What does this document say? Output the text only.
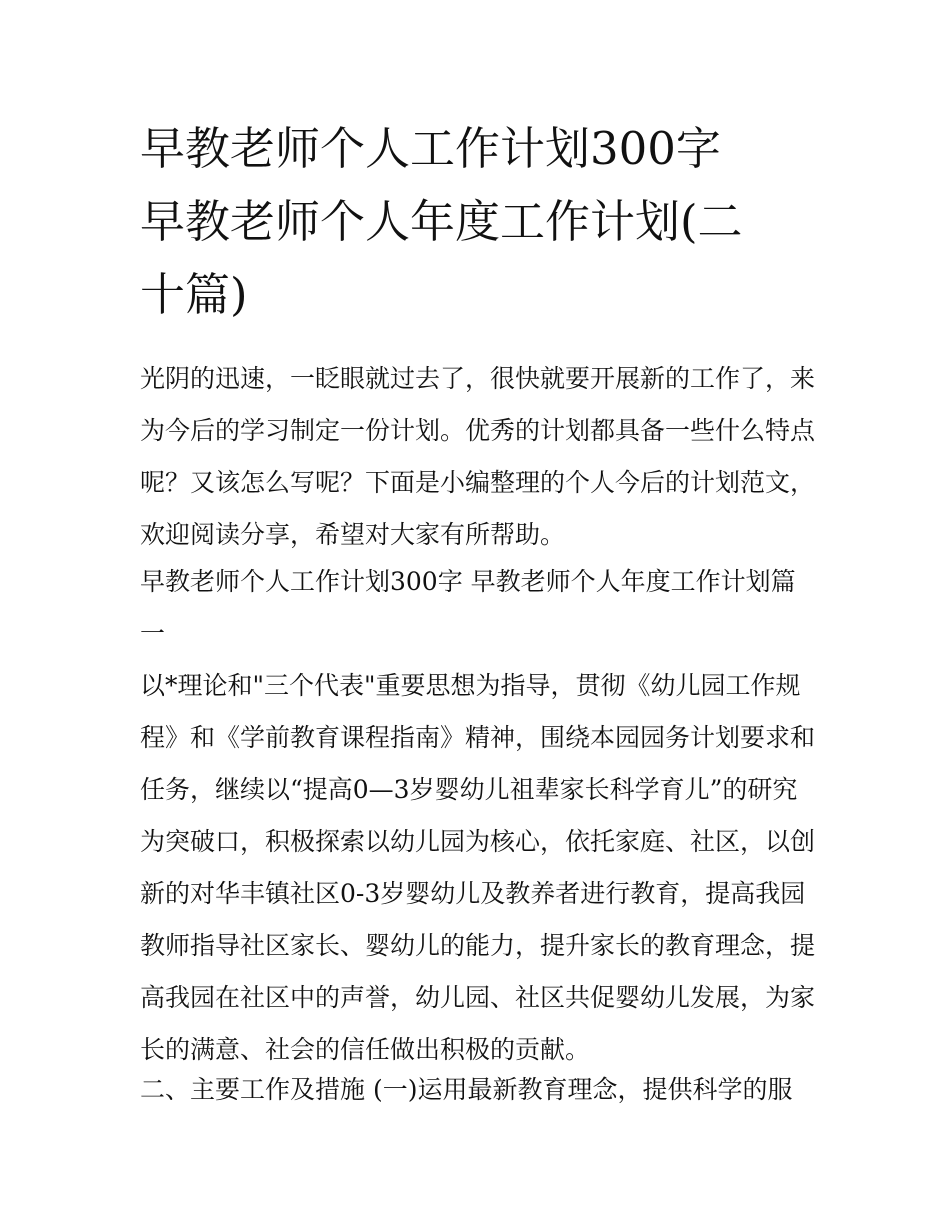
早教老师个人工作计划300字
早教老师个人年度工作计划(二
十篇)
光阴的迅速，一眨眼就过去了，很快就要开展新的工作了，来
为今后的学习制定一份计划。优秀的计划都具备一些什么特点
呢？又该怎么写呢？下面是小编整理的个人今后的计划范文，
欢迎阅读分享，希望对大家有所帮助。
早教老师个人工作计划300字 早教老师个人年度工作计划篇
一
以*理论和"三个代表"重要思想为指导，贯彻《幼儿园工作规
程》和《学前教育课程指南》精神，围绕本园园务计划要求和
任务，继续以“提高0—3岁婴幼儿祖辈家长科学育儿”的研究
为突破口，积极探索以幼儿园为核心，依托家庭、社区，以创
新的对华丰镇社区0-3岁婴幼儿及教养者进行教育，提高我园
教师指导社区家长、婴幼儿的能力，提升家长的教育理念，提
高我园在社区中的声誉，幼儿园、社区共促婴幼儿发展，为家
长的满意、社会的信任做出积极的贡献。
二、主要工作及措施 (一)运用最新教育理念，提供科学的服
